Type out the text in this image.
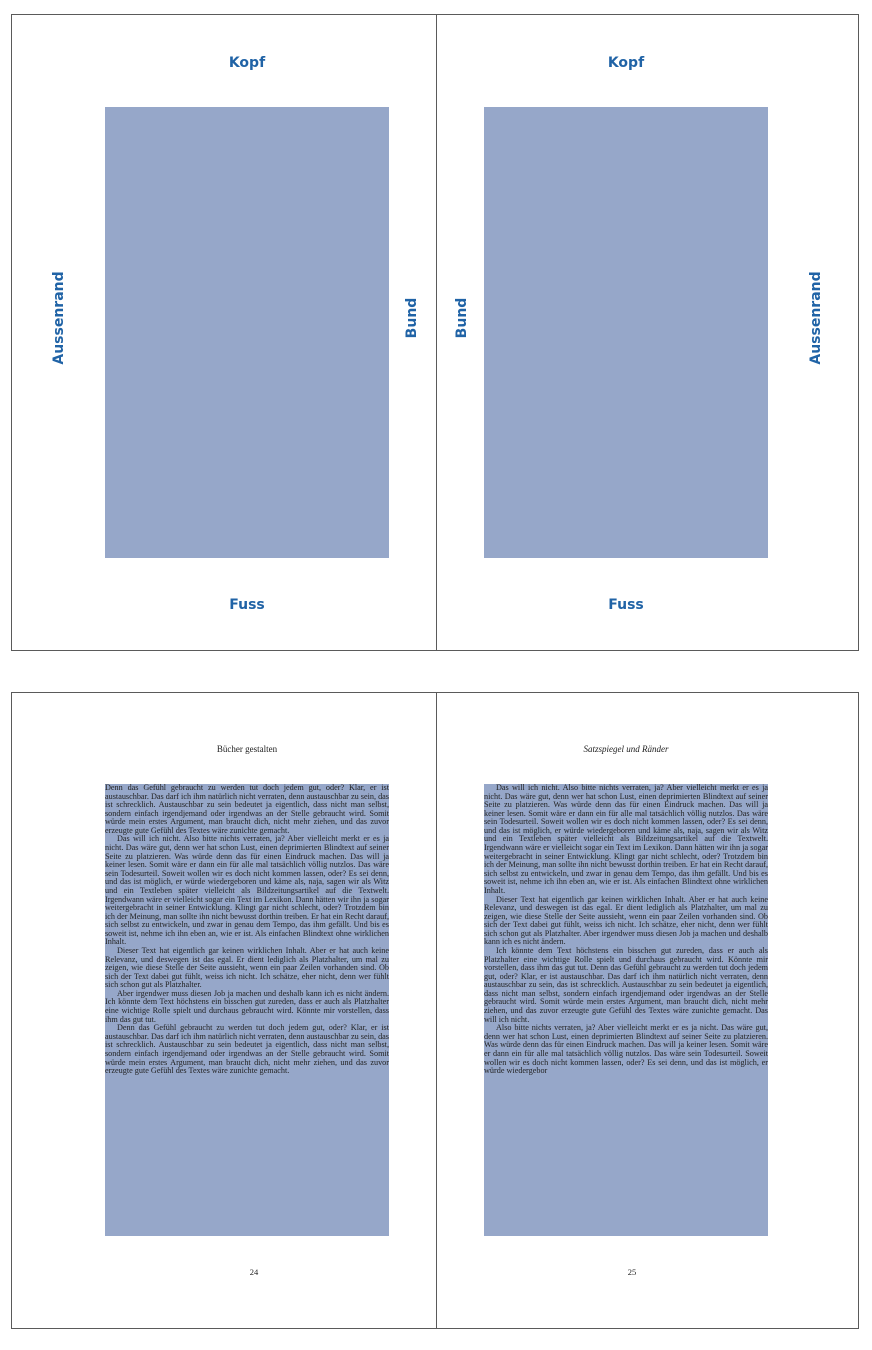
Kopf
Fuss
Aussenrand	Bund
Kopf
Fuss
Bund	Aussenrand
Bücher gestalten

Denn das Gefühl gebraucht zu werden tut doch jedem gut, oder? Klar, er ist austauschbar. Das darf ich ihm natürlich nicht verraten, denn austauschbar zu sein, das ist schrecklich. Austauschbar zu sein bedeutet ja eigentlich, dass nicht man selbst, sondern einfach irgendjemand oder irgendwas an der Stelle gebraucht wird. Somit würde mein erstes Argument, man braucht dich, nicht mehr ziehen, und das zuvor erzeugte gute Gefühl des Textes wäre zunichte gemacht.

Das will ich nicht. Also bitte nichts verraten, ja? Aber vielleicht merkt er es ja nicht. Das wäre gut, denn wer hat schon Lust, einen deprimierten Blindtext auf seiner Seite zu platzieren. Was würde denn das für einen Eindruck machen. Das will ja keiner lesen. Somit wäre er dann ein für alle mal tatsächlich völlig nutzlos. Das wäre sein Todesurteil. Soweit wollen wir es doch nicht kommen lassen, oder? Es sei denn, und das ist möglich, er würde wiedergeboren und käme als, naja, sagen wir als Witz und ein Textleben später vielleicht als Bildzeitungsartikel auf die Textwelt. Irgendwann wäre er vielleicht sogar ein Text im Lexikon. Dann hätten wir ihn ja sogar weitergebracht in seiner Entwicklung. Klingt gar nicht schlecht, oder? Trotzdem bin ich der Meinung, man sollte ihn nicht bewusst dorthin treiben. Er hat ein Recht darauf, sich selbst zu entwickeln, und zwar in genau dem Tempo, das ihm gefällt. Und bis es soweit ist, nehme ich ihn eben an, wie er ist. Als einfachen Blindtext ohne wirklichen Inhalt.

Dieser Text hat eigentlich gar keinen wirklichen Inhalt. Aber er hat auch keine Relevanz, und deswegen ist das egal. Er dient lediglich als Platzhalter, um mal zu zeigen, wie diese Stelle der Seite aussieht, wenn ein paar Zeilen vorhanden sind. Ob sich der Text dabei gut fühlt, weiss ich nicht. Ich schätze, eher nicht, denn wer fühlt sich schon gut als Platzhalter.

Aber irgendwer muss diesen Job ja machen und deshalb kann ich es nicht ändern. Ich könnte dem Text höchstens ein bisschen gut zureden, dass er auch als Platzhalter eine wichtige Rolle spielt und durchaus gebraucht wird. Könnte mir vorstellen, dass ihm das gut tut.

Denn das Gefühl gebraucht zu werden tut doch jedem gut, oder? Klar, er ist austauschbar. Das darf ich ihm natürlich nicht verraten, denn austauschbar zu sein, das ist schrecklich. Austauschbar zu sein bedeutet ja eigentlich, dass nicht man selbst, sondern einfach irgendjemand oder irgendwas an der Stelle gebraucht wird. Somit würde mein erstes Argument, man braucht dich, nicht mehr ziehen, und das zuvor erzeugte gute Gefühl des Textes wäre zunichte gemacht.

24
Satzspiegel und Ränder

Das will ich nicht. Also bitte nichts verraten, ja? Aber vielleicht merkt er es ja nicht. Das wäre gut, denn wer hat schon Lust, einen deprimierten Blindtext auf seiner Seite zu platzieren. Was würde denn das für einen Eindruck machen. Das will ja keiner lesen. Somit wäre er dann ein für alle mal tatsächlich völlig nutzlos. Das wäre sein Todesurteil. Soweit wollen wir es doch nicht kommen lassen, oder? Es sei denn, und das ist möglich, er würde wiedergeboren und käme als, naja, sagen wir als Witz und ein Textleben später vielleicht als Bildzeitungsartikel auf die Textwelt. Irgendwann wäre er vielleicht sogar ein Text im Lexikon. Dann hätten wir ihn ja sogar weitergebracht in seiner Entwicklung. Klingt gar nicht schlecht, oder? Trotzdem bin ich der Meinung, man sollte ihn nicht bewusst dorthin treiben. Er hat ein Recht darauf, sich selbst zu entwickeln, und zwar in genau dem Tempo, das ihm gefällt. Und bis es soweit ist, nehme ich ihn eben an, wie er ist. Als einfachen Blindtext ohne wirklichen Inhalt.

Dieser Text hat eigentlich gar keinen wirklichen Inhalt. Aber er hat auch keine Relevanz, und deswegen ist das egal. Er dient lediglich als Platzhalter, um mal zu zeigen, wie diese Stelle der Seite aussieht, wenn ein paar Zeilen vorhanden sind. Ob sich der Text dabei gut fühlt, weiss ich nicht. Ich schätze, eher nicht, denn wer fühlt sich schon gut als Platzhalter. Aber irgendwer muss diesen Job ja machen und deshalb kann ich es nicht ändern.

Ich könnte dem Text höchstens ein bisschen gut zureden, dass er auch als Platzhalter eine wichtige Rolle spielt und durchaus gebraucht wird. Könnte mir vorstellen, dass ihm das gut tut. Denn das Gefühl gebraucht zu werden tut doch jedem gut, oder? Klar, er ist austauschbar. Das darf ich ihm natürlich nicht verraten, denn austauschbar zu sein, das ist schrecklich. Austauschbar zu sein bedeutet ja eigentlich, dass nicht man selbst, sondern einfach irgendjemand oder irgendwas an der Stelle gebraucht wird. Somit würde mein erstes Argument, man braucht dich, nicht mehr ziehen, und das zuvor erzeugte gute Gefühl des Textes wäre zunichte gemacht. Das will ich nicht.

Also bitte nichts verraten, ja? Aber vielleicht merkt er es ja nicht. Das wäre gut, denn wer hat schon Lust, einen deprimierten Blindtext auf seiner Seite zu platzieren. Was würde denn das für einen Eindruck machen. Das will ja keiner lesen. Somit wäre er dann ein für alle mal tatsächlich völlig nutzlos. Das wäre sein Todesurteil. Soweit wollen wir es doch nicht kommen lassen, oder? Es sei denn, und das ist möglich, er würde wiedergebor

25
